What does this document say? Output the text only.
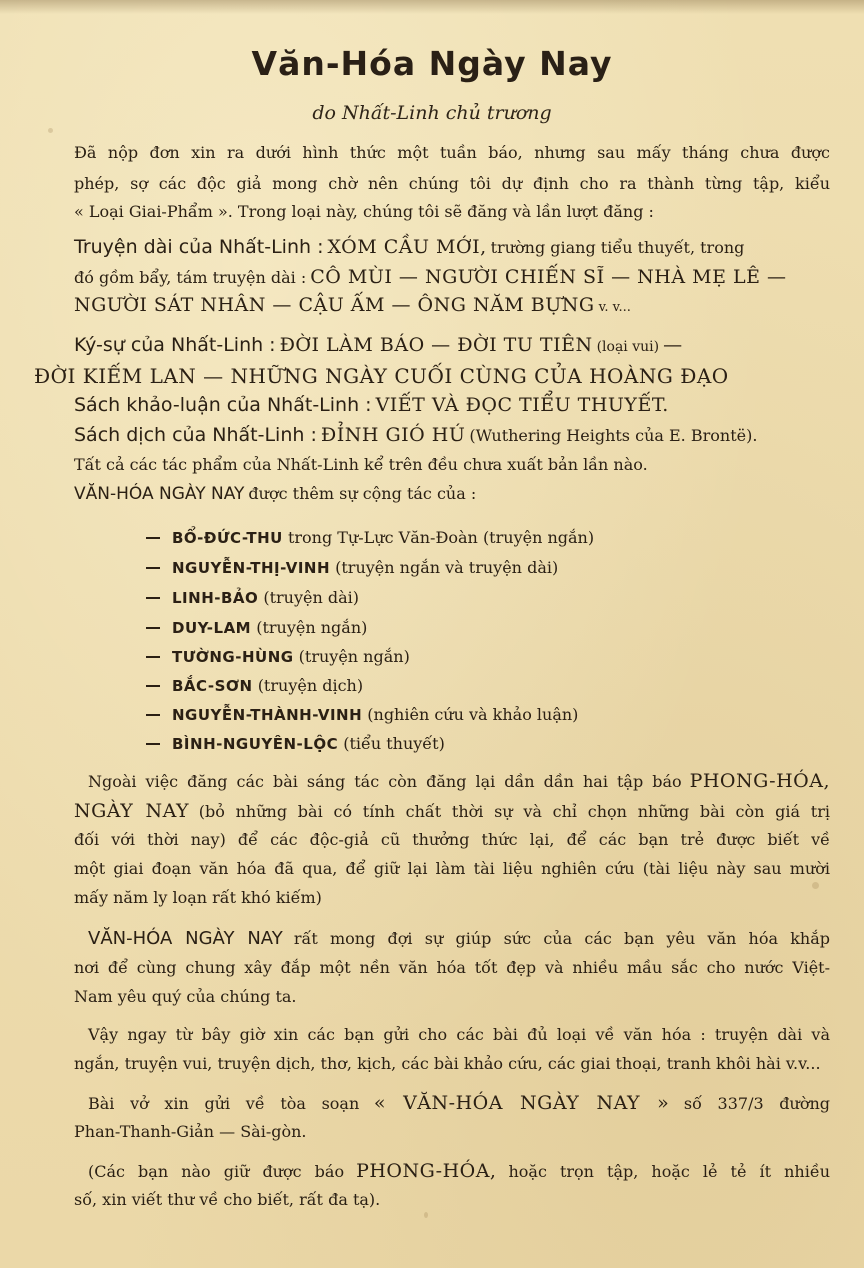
Văn-Hóa Ngày Nay

do Nhất-Linh chủ trương

Đã nộp đơn xin ra dưới hình thức một tuần báo, nhưng sau mấy tháng chưa được
phép, sợ các độc giả mong chờ nên chúng tôi dự định cho ra thành từng tập, kiểu
« Loại Giai-Phẩm ». Trong loại này, chúng tôi sẽ đăng và lần lượt đăng :
Truyện dài của Nhất-Linh : XÓM CẦU MỚI, trường giang tiểu thuyết, trong
đó gồm bẩy, tám truyện dài : CÔ MÙI — NGƯỜI CHIẾN SĨ — NHÀ MẸ LÊ —
NGƯỜI SÁT NHÂN — CẬU ẤM — ÔNG NĂM BỰNG v. v...
Ký-sự của Nhất-Linh : ĐỜI LÀM BÁO — ĐỜI TU TIÊN (loại vui) —
ĐỜI KIẾM LAN — NHỮNG NGÀY CUỐI CÙNG CỦA HOÀNG ĐẠO
Sách khảo-luận của Nhất-Linh : VIẾT VÀ ĐỌC TIỂU THUYẾT.
Sách dịch của Nhất-Linh : ĐỈNH GIÓ HÚ (Wuthering Heights của E. Brontë).
Tất cả các tác phẩm của Nhất-Linh kể trên đều chưa xuất bản lần nào.
VĂN-HÓA NGÀY NAY được thêm sự cộng tác của :
BỔ-ĐỨC-THU trong Tự-Lực Văn-Đoàn (truyện ngắn)
NGUYỄN-THỊ-VINH (truyện ngắn và truyện dài)
LINH-BẢO (truyện dài)
DUY-LAM (truyện ngắn)
TƯỜNG-HÙNG (truyện ngắn)
BẮC-SƠN (truyện dịch)
NGUYỄN-THÀNH-VINH (nghiên cứu và khảo luận)
BÌNH-NGUYÊN-LỘC (tiểu thuyết)
Ngoài việc đăng các bài sáng tác còn đăng lại dần dần hai tập báo PHONG-HÓA,
NGÀY NAY (bỏ những bài có tính chất thời sự và chỉ chọn những bài còn giá trị
đối với thời nay) để các độc-giả cũ thưởng thức lại, để các bạn trẻ được biết về
một giai đoạn văn hóa đã qua, để giữ lại làm tài liệu nghiên cứu (tài liệu này sau mười
mấy năm ly loạn rất khó kiếm)
VĂN-HÓA NGÀY NAY rất mong đợi sự giúp sức của các bạn yêu văn hóa khắp
nơi để cùng chung xây đắp một nền văn hóa tốt đẹp và nhiều mầu sắc cho nước Việt-
Nam yêu quý của chúng ta.
Vậy ngay từ bây giờ xin các bạn gửi cho các bài đủ loại về văn hóa : truyện dài và
ngắn, truyện vui, truyện dịch, thơ, kịch, các bài khảo cứu, các giai thoại, tranh khôi hài v.v...
Bài vở xin gửi về tòa soạn « VĂN-HÓA NGÀY NAY » số 337/3 đường
Phan-Thanh-Giản — Sài-gòn.
(Các bạn nào giữ được báo PHONG-HÓA, hoặc trọn tập, hoặc lẻ tẻ ít nhiều
số, xin viết thư về cho biết, rất đa tạ).
